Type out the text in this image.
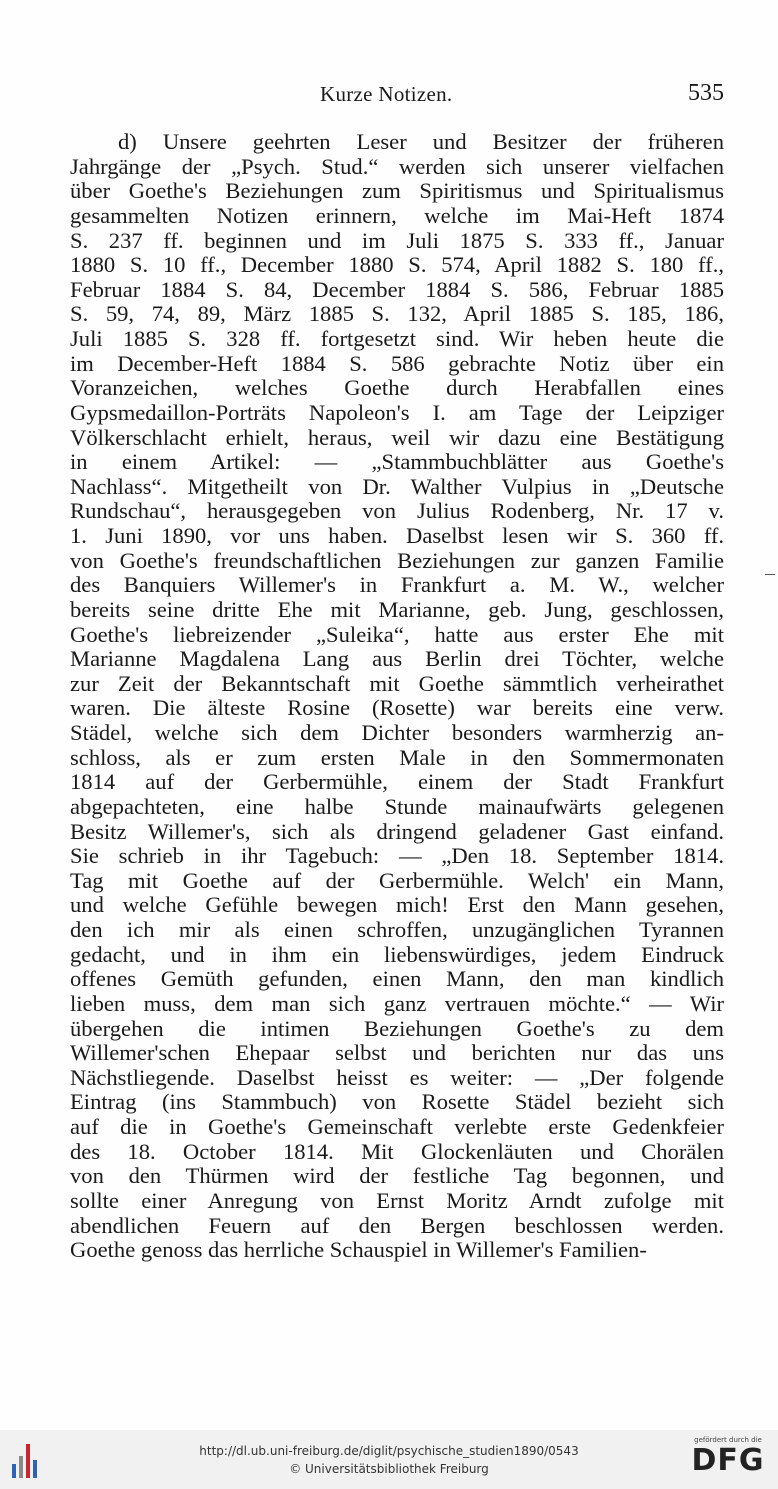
Kurze Notizen.	535
d) Unsere geehrten Leser und Besitzer der früheren
Jahrgänge der „Psych. Stud.“ werden sich unserer vielfachen
über Goethe's Beziehungen zum Spiritismus und Spiritualismus
gesammelten Notizen erinnern, welche im Mai-Heft 1874
S. 237 ff. beginnen und im Juli 1875 S. 333 ff., Januar
1880 S. 10 ff., December 1880 S. 574, April 1882 S. 180 ff.,
Februar 1884 S. 84, December 1884 S. 586, Februar 1885
S. 59, 74, 89, März 1885 S. 132, April 1885 S. 185, 186,
Juli 1885 S. 328 ff. fortgesetzt sind. Wir heben heute die
im December-Heft 1884 S. 586 gebrachte Notiz über ein
Voranzeichen, welches Goethe durch Herabfallen eines
Gypsmedaillon-Porträts Napoleon's I. am Tage der Leipziger
Völkerschlacht erhielt, heraus, weil wir dazu eine Bestätigung
in einem Artikel: — „Stammbuchblätter aus Goethe's
Nachlass“. Mitgetheilt von Dr. Walther Vulpius in „Deutsche
Rundschau“, herausgegeben von Julius Rodenberg, Nr. 17 v.
1. Juni 1890, vor uns haben. Daselbst lesen wir S. 360 ff.
von Goethe's freundschaftlichen Beziehungen zur ganzen Familie
des Banquiers Willemer's in Frankfurt a. M. W., welcher
bereits seine dritte Ehe mit Marianne, geb. Jung, geschlossen,
Goethe's liebreizender „Suleika“, hatte aus erster Ehe mit
Marianne Magdalena Lang aus Berlin drei Töchter, welche
zur Zeit der Bekanntschaft mit Goethe sämmtlich verheirathet
waren. Die älteste Rosine (Rosette) war bereits eine verw.
Städel, welche sich dem Dichter besonders warmherzig an-
schloss, als er zum ersten Male in den Sommermonaten
1814 auf der Gerbermühle, einem der Stadt Frankfurt
abgepachteten, eine halbe Stunde mainaufwärts gelegenen
Besitz Willemer's, sich als dringend geladener Gast einfand.
Sie schrieb in ihr Tagebuch: — „Den 18. September 1814.
Tag mit Goethe auf der Gerbermühle. Welch' ein Mann,
und welche Gefühle bewegen mich! Erst den Mann gesehen,
den ich mir als einen schroffen, unzugänglichen Tyrannen
gedacht, und in ihm ein liebenswürdiges, jedem Eindruck
offenes Gemüth gefunden, einen Mann, den man kindlich
lieben muss, dem man sich ganz vertrauen möchte.“ — Wir
übergehen die intimen Beziehungen Goethe's zu dem
Willemer'schen Ehepaar selbst und berichten nur das uns
Nächstliegende. Daselbst heisst es weiter: — „Der folgende
Eintrag (ins Stammbuch) von Rosette Städel bezieht sich
auf die in Goethe's Gemeinschaft verlebte erste Gedenkfeier
des 18. October 1814. Mit Glockenläuten und Chorälen
von den Thürmen wird der festliche Tag begonnen, und
sollte einer Anregung von Ernst Moritz Arndt zufolge mit
abendlichen Feuern auf den Bergen beschlossen werden.
Goethe genoss das herrliche Schauspiel in Willemer's Familien-
http://dl.ub.uni-freiburg.de/diglit/psychische_studien1890/0543
© Universitätsbibliothek Freiburg
gefördert durch die
DFG
